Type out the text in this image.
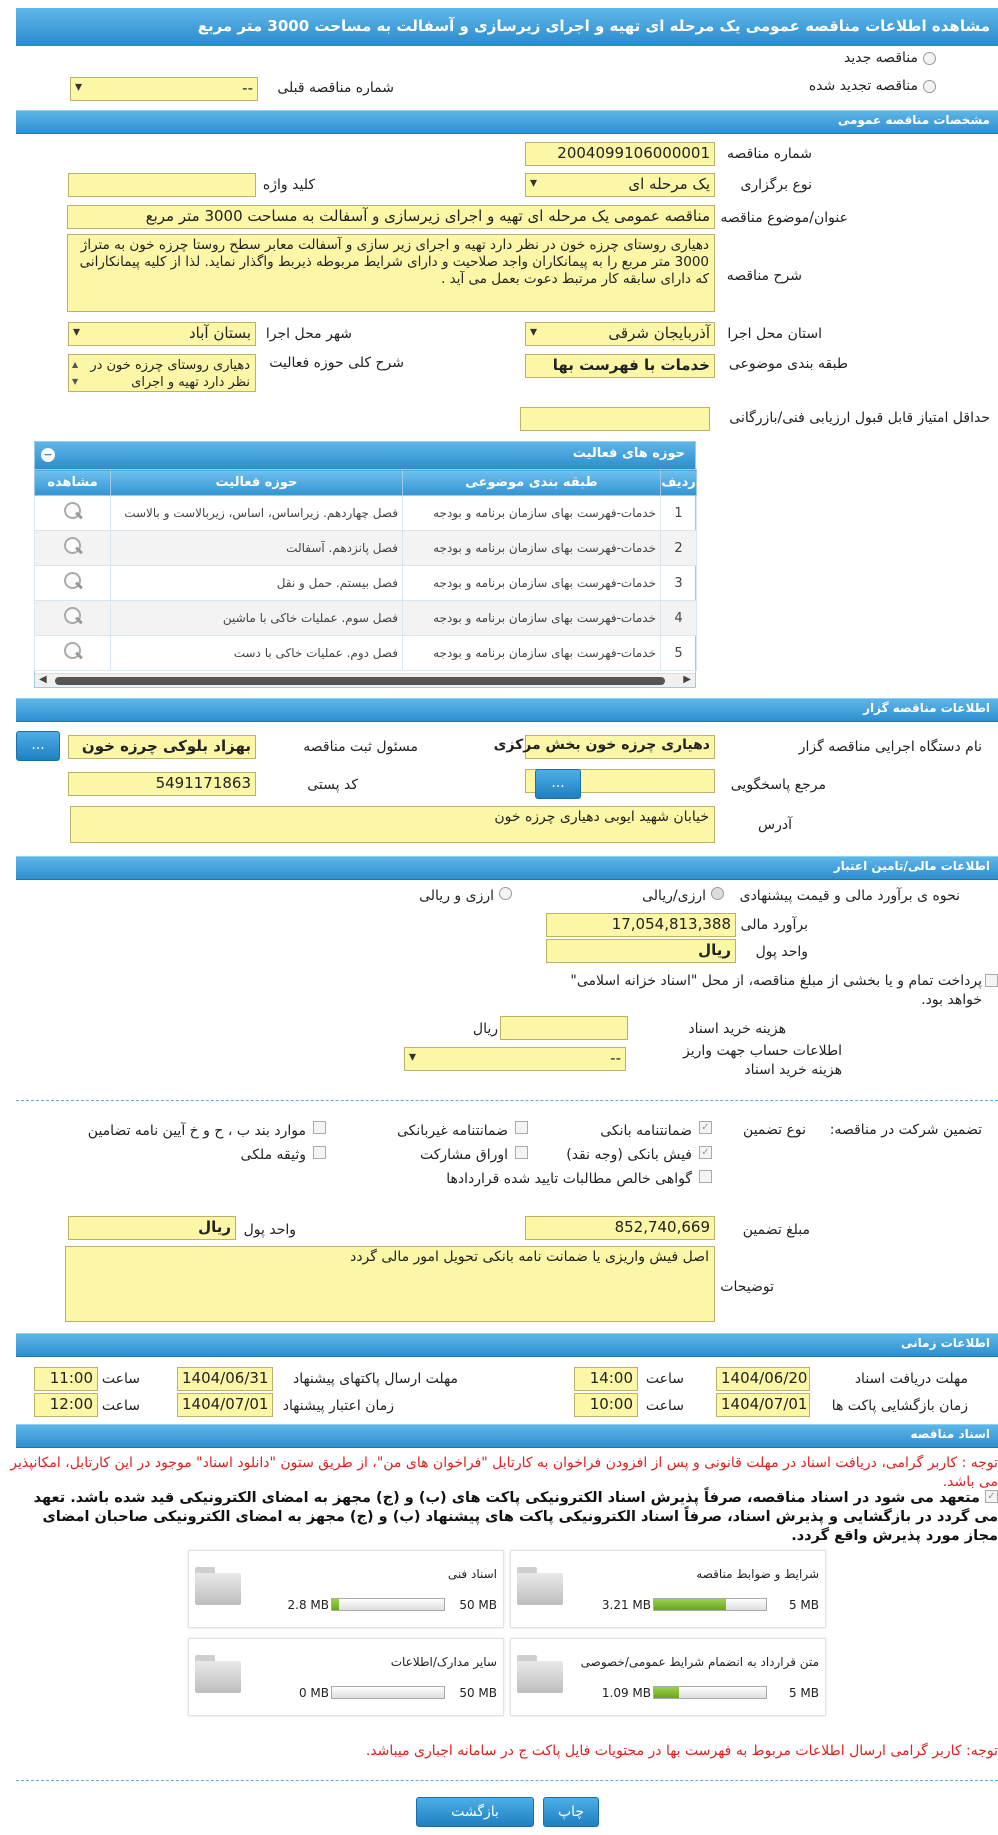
مشاهده اطلاعات مناقصه عمومی یک مرحله ای تهیه و اجرای زیرسازی و آسفالت به مساحت 3000 متر مربع
مناقصه جدید
مناقصه تجدید شده
شماره مناقصه قبلی
-- ▾
مشخصات مناقصه عمومی
شماره مناقصه
2004099106000001
نوع برگزاری
یک مرحله ای ▾
کلید واژه
عنوان/موضوع مناقصه
مناقصه عمومی یک مرحله ای تهیه و اجرای زیرسازی و آسفالت به مساحت 3000 متر مربع
شرح مناقصه
دهیاری روستای چرزه خون در نظر دارد تهیه و اجرای زیر سازی و آسفالت معابر سطح روستا چرزه خون به متراژ 3000 متر مربع را به پیمانکاران واجد صلاحیت و دارای شرایط مربوطه ذیربط واگذار نماید. لذا از کلیه پیمانکارانی که دارای سابقه کار مرتبط دعوت بعمل می آید .
استان محل اجرا
آذربایجان شرقی ▾
شهر محل اجرا
بستان آباد ▾
طبقه بندی موضوعی
خدمات با فهرست بها
شرح کلی حوزه فعالیت
دهیاری روستای چرزه خون در نظر دارد تهیه و اجرای
▲
▼
حداقل امتیاز قابل قبول ارزیابی فنی/بازرگانی
حوزه های فعالیت
−
ردیف	طبقه بندی موضوعی	حوزه فعالیت	مشاهده
1	خدمات-فهرست بهای سازمان برنامه و بودجه	فصل چهاردهم. زیراساس، اساس، زیربالاست و بالاست	
2	خدمات-فهرست بهای سازمان برنامه و بودجه	فصل پانزدهم. آسفالت	
3	خدمات-فهرست بهای سازمان برنامه و بودجه	فصل بیستم. حمل و نقل	
4	خدمات-فهرست بهای سازمان برنامه و بودجه	فصل سوم. عملیات خاکی با ماشین	
5	خدمات-فهرست بهای سازمان برنامه و بودجه	فصل دوم. عملیات خاکی با دست	
◀	▶
اطلاعات مناقصه گزار
نام دستگاه اجرایی مناقصه گزار
دهیاری چرزه خون بخش مرکزی
مسئول ثبت مناقصه
بهزاد بلوکی چرزه خون
...
مرجع پاسخگویی
...
کد پستی
5491171863
آدرس
خیابان شهید ایوبی دهیاری چرزه خون
اطلاعات مالی/تامین اعتبار
نحوه ی برآورد مالی و قیمت پیشنهادی
ارزی/ریالی
ارزی و ریالی
برآورد مالی
17,054,813,388
واحد پول
ریال
پرداخت تمام و یا بخشی از مبلغ مناقصه، از محل "اسناد خزانه اسلامی" خواهد بود.
هزینه خرید اسناد
ریال
اطلاعات حساب جهت واریز هزینه خرید اسناد
-- ▾
تضمین شرکت در مناقصه:
نوع تضمین
✓
ضمانتنامه بانکی
ضمانتنامه غیربانکی
موارد بند ب ، ح و خ آیین نامه تضامین
✓
فیش بانکی (وجه نقد)
اوراق مشارکت
وثیقه ملکی
گواهی خالص مطالبات تایید شده قراردادها
مبلغ تضمین
852,740,669
واحد پول
ریال
توضیحات
اصل فیش واریزی یا ضمانت نامه بانکی تحویل امور مالی گردد
اطلاعات زمانی
مهلت دریافت اسناد
1404/06/20
ساعت
14:00
مهلت ارسال پاکتهای پیشنهاد
1404/06/31
ساعت
11:00
زمان بازگشایی پاکت ها
1404/07/01
ساعت
10:00
زمان اعتبار پیشنهاد
1404/07/01
ساعت
12:00
اسناد مناقصه
توجه : کاربر گرامی، دریافت اسناد در مهلت قانونی و پس از افزودن فراخوان به کارتابل "فراخوان های من"، از طریق ستون "دانلود اسناد" موجود در این کارتابل، امکانپذیر می باشد.
✓
متعهد می شود در اسناد مناقصه، صرفاً پذیرش اسناد الکترونیکی پاکت های (ب) و (ج) مجهز به امضای الکترونیکی قید شده باشد. تعهد می گردد در بازگشایی و پذیرش اسناد، صرفاً اسناد الکترونیکی پاکت های پیشنهاد (ب) و (ج) مجهز به امضای الکترونیکی صاحبان امضای مجاز مورد پذیرش واقع گردد.
شرایط و ضوابط مناقصه
3.21 MB	5 MB
اسناد فنی
2.8 MB	50 MB
متن قرارداد به انضمام شرایط عمومی/خصوصی
1.09 MB	5 MB
سایر مدارک/اطلاعات
0 MB	50 MB
توجه: کاربر گرامی ارسال اطلاعات مربوط به فهرست بها در محتویات فایل پاکت ج در سامانه اجباری میباشد.
چاپ
بازگشت
